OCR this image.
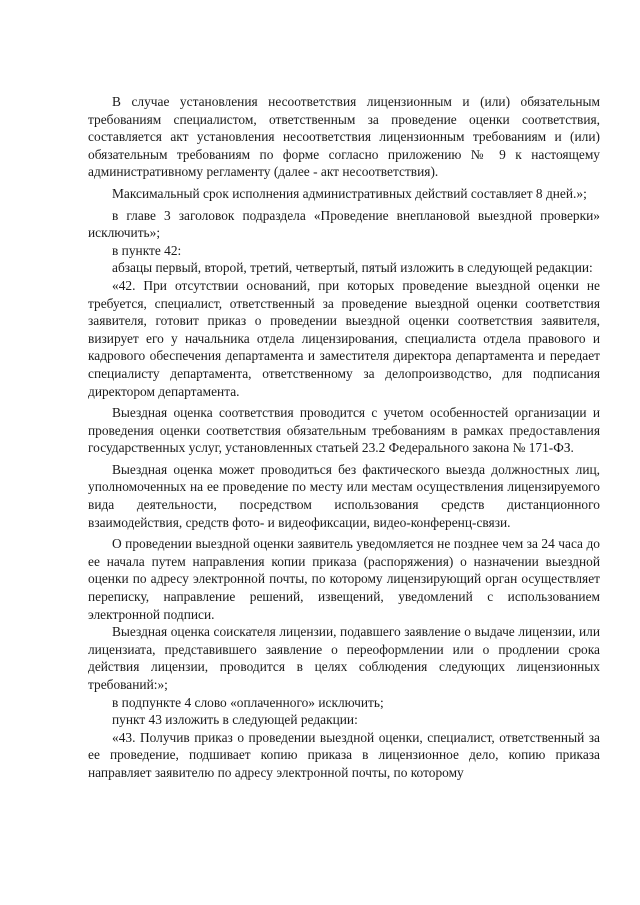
В случае установления несоответствия лицензионным и (или) обязательным требованиям специалистом, ответственным за проведение оценки соответствия, составляется акт установления несоответствия лицензионным требованиям и (или) обязательным требованиям по форме согласно приложению № 9 к настоящему административному регламенту (далее - акт несоответствия).

Максимальный срок исполнения административных действий составляет 8 дней.»;

в главе 3 заголовок подраздела «Проведение внеплановой выездной проверки» исключить»;

в пункте 42:

абзацы первый, второй, третий, четвертый, пятый изложить в следующей редакции:

«42. При отсутствии оснований, при которых проведение выездной оценки не требуется, специалист, ответственный за проведение выездной оценки соответствия заявителя, готовит приказ о проведении выездной оценки соответствия заявителя, визирует его у начальника отдела лицензирования, специалиста отдела правового и кадрового обеспечения департамента и заместителя директора департамента и передает специалисту департамента, ответственному за делопроизводство, для подписания директором департамента.

Выездная оценка соответствия проводится с учетом особенностей организации и проведения оценки соответствия обязательным требованиям в рамках предоставления государственных услуг, установленных статьей 23.2 Федерального закона № 171-ФЗ.

Выездная оценка может проводиться без фактического выезда должностных лиц, уполномоченных на ее проведение по месту или местам осуществления лицензируемого вида деятельности, посредством использования средств дистанционного взаимодействия, средств фото- и видеофиксации, видео-конференц-связи.

О проведении выездной оценки заявитель уведомляется не позднее чем за 24 часа до ее начала путем направления копии приказа (распоряжения) о назначении выездной оценки по адресу электронной почты, по которому лицензирующий орган осуществляет переписку, направление решений, извещений, уведомлений с использованием электронной подписи.

Выездная оценка соискателя лицензии, подавшего заявление о выдаче лицензии, или лицензиата, представившего заявление о переоформлении или о продлении срока действия лицензии, проводится в целях соблюдения следующих лицензионных требований:»;

в подпункте 4 слово «оплаченного» исключить;

пункт 43 изложить в следующей редакции:

«43. Получив приказ о проведении выездной оценки, специалист, ответственный за ее проведение, подшивает копию приказа в лицензионное дело, копию приказа направляет заявителю по адресу электронной почты, по которому
